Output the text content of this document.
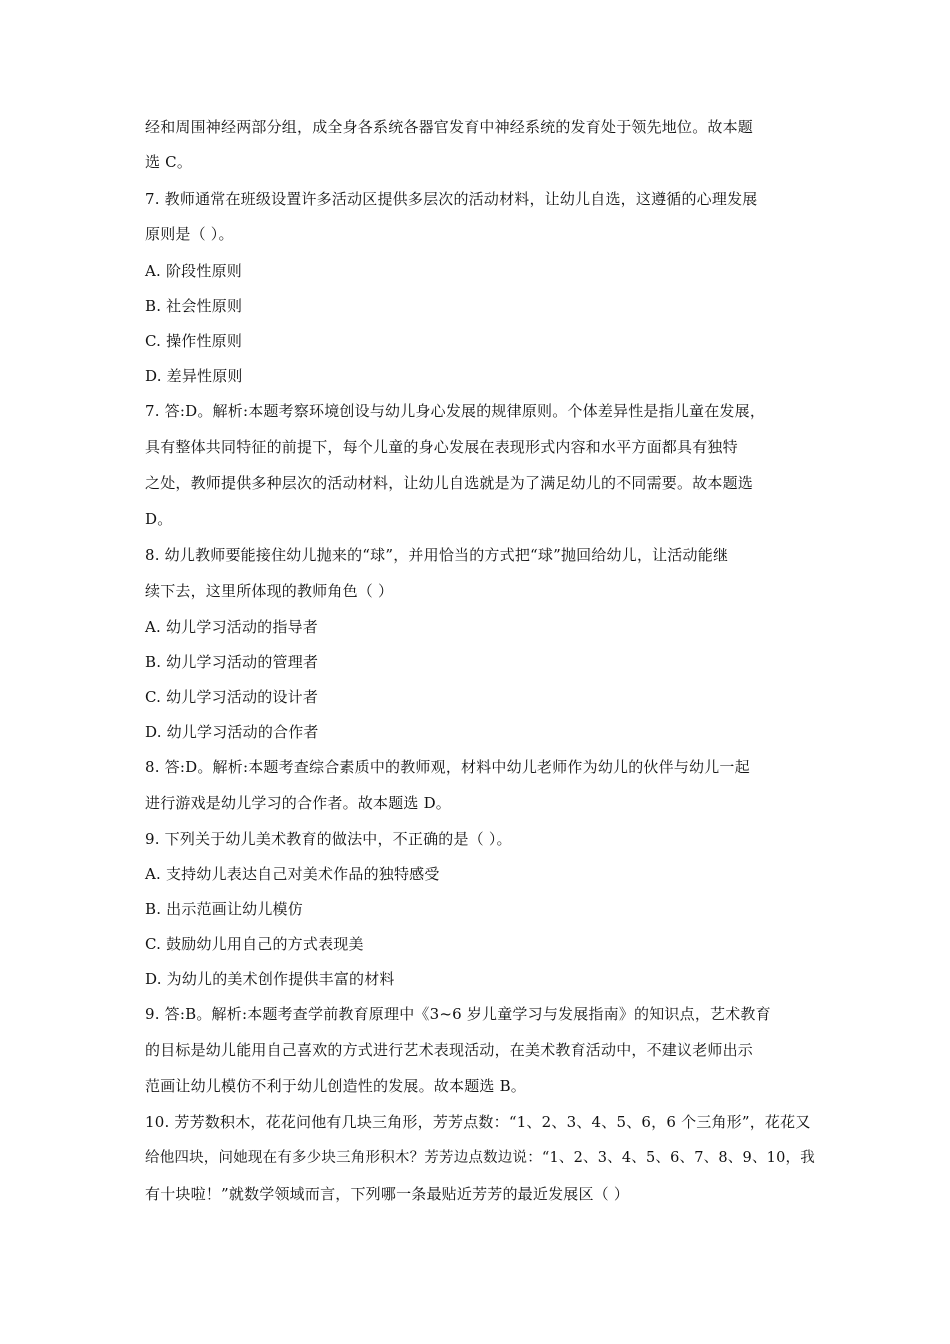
经和周围神经两部分组，成全身各系统各器官发育中神经系统的发育处于领先地位。故本题
选 C。
7. 教师通常在班级设置许多活动区提供多层次的活动材料，让幼儿自选，这遵循的心理发展
原则是（ ）。
A. 阶段性原则
B. 社会性原则
C. 操作性原则
D. 差异性原则
7. 答:D。解析:本题考察环境创设与幼儿身心发展的规律原则。个体差异性是指儿童在发展，
具有整体共同特征的前提下，每个儿童的身心发展在表现形式内容和水平方面都具有独特
之处，教师提供多种层次的活动材料，让幼儿自选就是为了满足幼儿的不同需要。故本题选
D。
8. 幼儿教师要能接住幼儿抛来的“球”，并用恰当的方式把“球”抛回给幼儿，让活动能继
续下去，这里所体现的教师角色（ ）
A. 幼儿学习活动的指导者
B. 幼儿学习活动的管理者
C. 幼儿学习活动的设计者
D. 幼儿学习活动的合作者
8. 答:D。解析:本题考查综合素质中的教师观，材料中幼儿老师作为幼儿的伙伴与幼儿一起
进行游戏是幼儿学习的合作者。故本题选 D。
9. 下列关于幼儿美术教育的做法中，不正确的是（ ）。
A. 支持幼儿表达自己对美术作品的独特感受
B. 出示范画让幼儿模仿
C. 鼓励幼儿用自己的方式表现美
D. 为幼儿的美术创作提供丰富的材料
9. 答:B。解析:本题考查学前教育原理中《3~6 岁儿童学习与发展指南》的知识点，艺术教育
的目标是幼儿能用自己喜欢的方式进行艺术表现活动，在美术教育活动中，不建议老师出示
范画让幼儿模仿不利于幼儿创造性的发展。故本题选 B。
10. 芳芳数积木，花花问他有几块三角形，芳芳点数：“1、2、3、4、5、6，6 个三角形”，花花又
给他四块，问她现在有多少块三角形积木？芳芳边点数边说：“1、2、3、4、5、6、7、8、9、10，我
有十块啦！”就数学领域而言，下列哪一条最贴近芳芳的最近发展区（ ）
